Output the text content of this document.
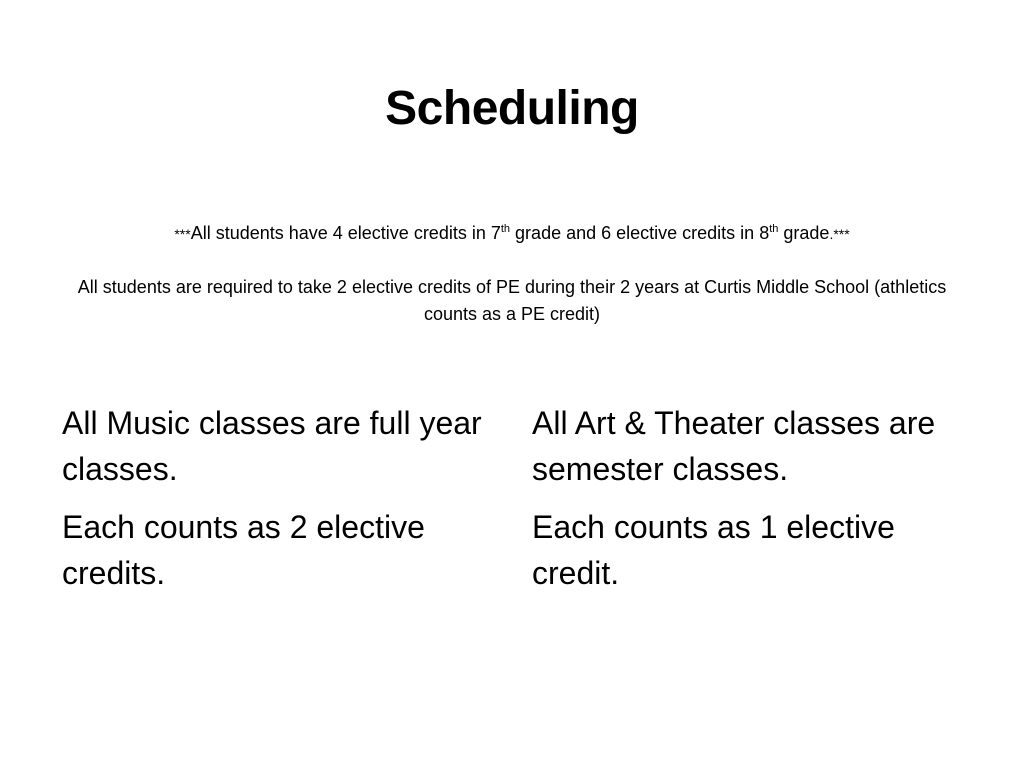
Scheduling
***All students have 4 elective credits in 7th grade and 6 elective credits in 8th grade.***
All students are required to take 2 elective credits of PE during their 2 years at Curtis Middle School (athletics counts as a PE credit)

All Music classes are full year classes.

Each counts as 2 elective credits.

All Art & Theater classes are semester classes.

Each counts as 1 elective credit.
